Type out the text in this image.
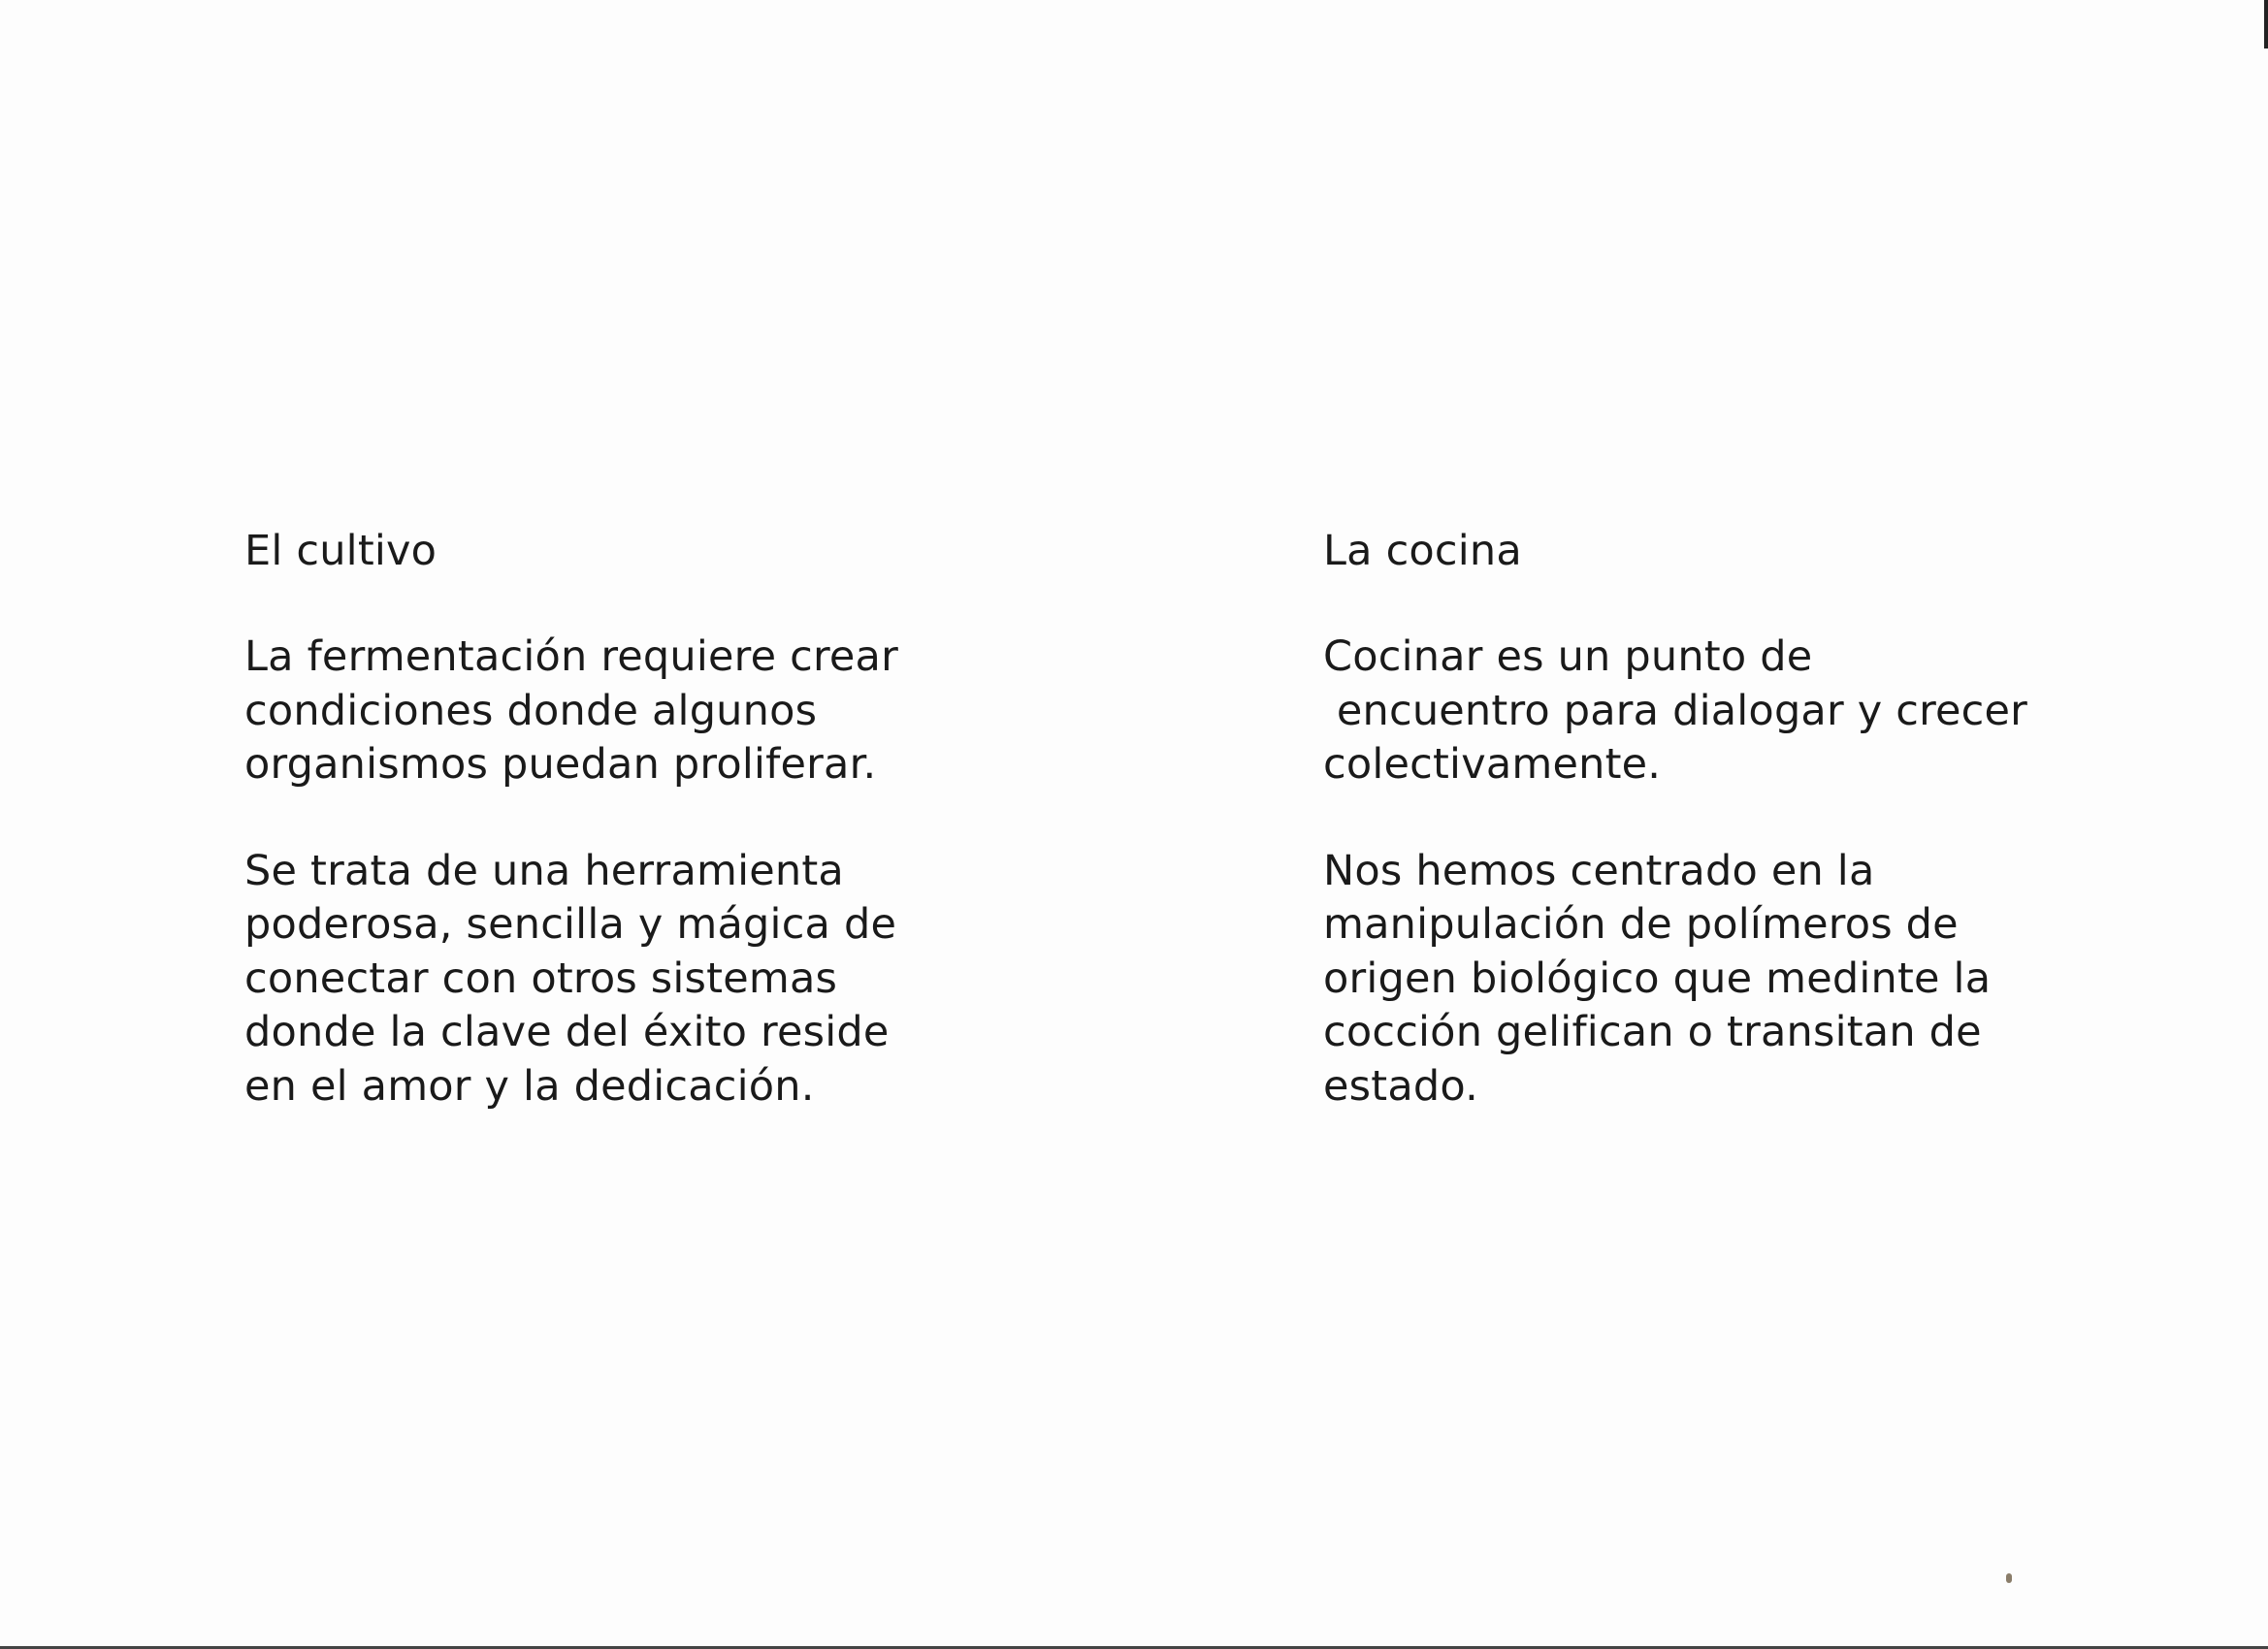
El cultivo
La fermentación requiere crear
condiciones donde algunos
organismos puedan proliferar.
Se trata de una herramienta
poderosa, sencilla y mágica de
conectar con otros sistemas
donde la clave del éxito reside
en el amor y la dedicación.
La cocina
Cocinar es un punto de
encuentro para dialogar y crecer
colectivamente.
Nos hemos centrado en la
manipulación de polímeros de
origen biológico que medinte la
cocción gelifican o transitan de
estado.
